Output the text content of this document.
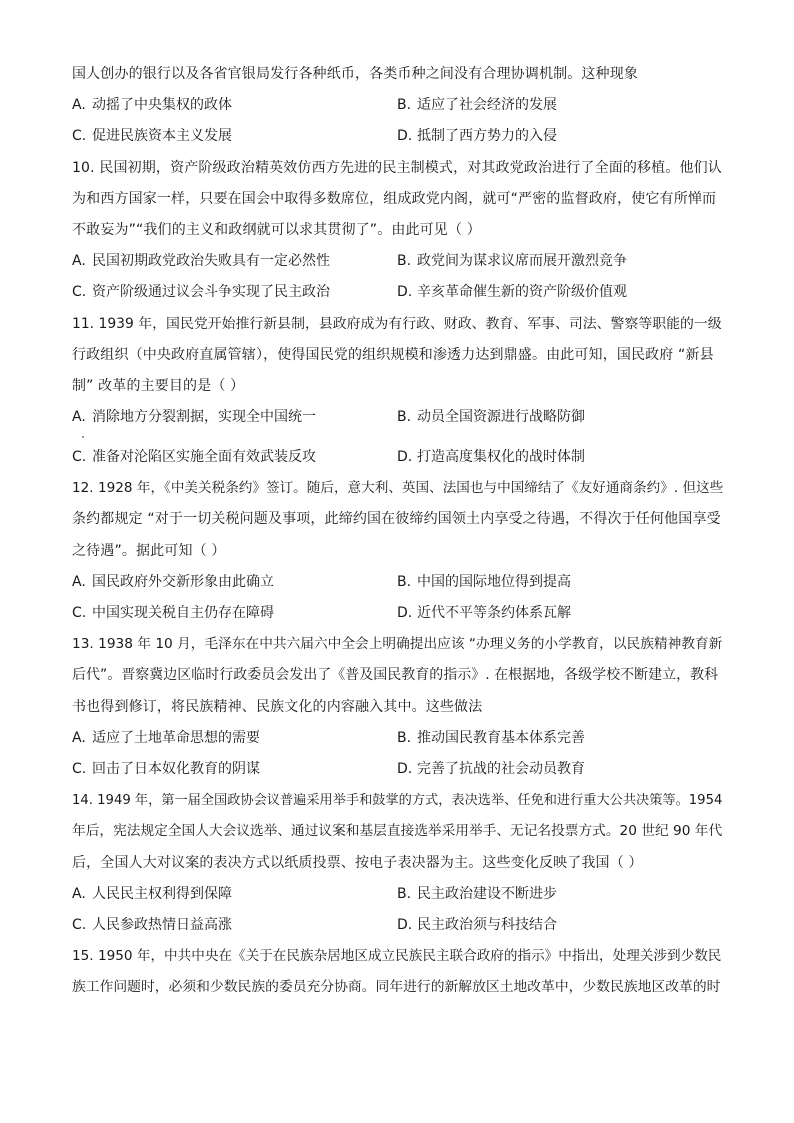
国人创办的银行以及各省官银局发行各种纸币，各类币种之间没有合理协调机制。这种现象
A. 动摇了中央集权的政体	B. 适应了社会经济的发展
C. 促进民族资本主义发展	D. 抵制了西方势力的入侵
10. 民国初期，资产阶级政治精英效仿西方先进的民主制模式，对其政党政治进行了全面的移植。他们认
为和西方国家一样，只要在国会中取得多数席位，组成政党内阁，就可“严密的监督政府，使它有所惮而
不敢妄为”“我们的主义和政纲就可以求其贯彻了”。由此可见（ ）
A. 民国初期政党政治失败具有一定必然性	B. 政党间为谋求议席而展开激烈竞争
C. 资产阶级通过议会斗争实现了民主政治	D. 辛亥革命催生新的资产阶级价值观
11. 1939 年，国民党开始推行新县制，县政府成为有行政、财政、教育、军事、司法、警察等职能的一级
行政组织（中央政府直属管辖），使得国民党的组织规模和渗透力达到鼎盛。由此可知，国民政府 “新县
制” 改革的主要目的是（ ）
A. 消除地方分裂割据，实现全中国统一	B. 动员全国资源进行战略防御
C. 准备对沦陷区实施全面有效武装反攻	D. 打造高度集权化的战时体制
12. 1928 年，《中美关税条约》签订。随后，意大利、英国、法国也与中国缔结了《友好通商条约》. 但这些
条约都规定 “对于一切关税问题及事项，此缔约国在彼缔约国领土内享受之待遇，不得次于任何他国享受
之待遇”。据此可知（ ）
A. 国民政府外交新形象由此确立	B. 中国的国际地位得到提高
C. 中国实现关税自主仍存在障碍	D. 近代不平等条约体系瓦解
13. 1938 年 10 月，毛泽东在中共六届六中全会上明确提出应该 “办理义务的小学教育，以民族精神教育新
后代”。晋察冀边区临时行政委员会发出了《普及国民教育的指示》. 在根据地，各级学校不断建立，教科
书也得到修订，将民族精神、民族文化的内容融入其中。这些做法
A. 适应了土地革命思想的需要	B. 推动国民教育基本体系完善
C. 回击了日本奴化教育的阴谋	D. 完善了抗战的社会动员教育
14. 1949 年，第一届全国政协会议普遍采用举手和鼓掌的方式，表决选举、任免和进行重大公共决策等。1954
年后，宪法规定全国人大会议选举、通过议案和基层直接选举采用举手、无记名投票方式。20 世纪 90 年代
后，全国人大对议案的表决方式以纸质投票、按电子表决器为主。这些变化反映了我国（ ）
A. 人民民主权利得到保障	B. 民主政治建设不断进步
C. 人民参政热情日益高涨	D. 民主政治须与科技结合
15. 1950 年，中共中央在《关于在民族杂居地区成立民族民主联合政府的指示》中指出，处理关涉到少数民
族工作问题时，必须和少数民族的委员充分协商。同年进行的新解放区土地改革中，少数民族地区改革的时
